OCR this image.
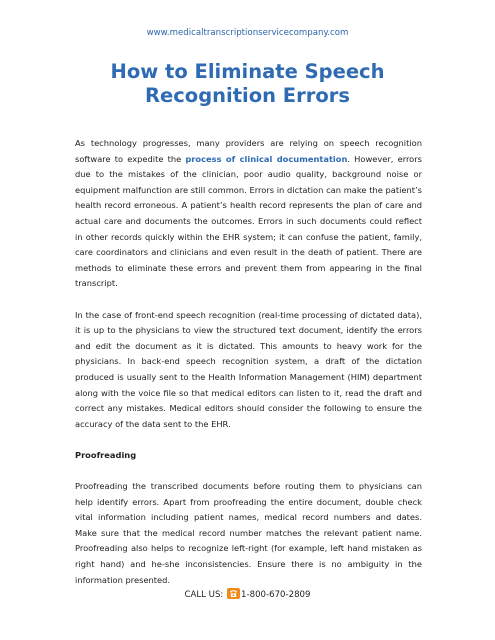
www.medicaltranscriptionservicecompany.com
How to Eliminate Speech
Recognition Errors

As technology progresses, many providers are relying on speech recognition software to expedite the process of clinical documentation. However, errors due to the mistakes of the clinician, poor audio quality, background noise or equipment malfunction are still common. Errors in dictation can make the patient’s health record erroneous. A patient’s health record represents the plan of care and actual care and documents the outcomes. Errors in such documents could reflect in other records quickly within the EHR system; it can confuse the patient, family, care coordinators and clinicians and even result in the death of patient. There are methods to eliminate these errors and prevent them from appearing in the final transcript.

In the case of front-end speech recognition (real-time processing of dictated data), it is up to the physicians to view the structured text document, identify the errors and edit the document as it is dictated. This amounts to heavy work for the physicians. In back-end speech recognition system, a draft of the dictation produced is usually sent to the Health Information Management (HIM) department along with the voice file so that medical editors can listen to it, read the draft and correct any mistakes. Medical editors should consider the following to ensure the accuracy of the data sent to the EHR.

Proofreading

Proofreading the transcribed documents before routing them to physicians can help identify errors. Apart from proofreading the entire document, double check vital information including patient names, medical record numbers and dates. Make sure that the medical record number matches the relevant patient name. Proofreading also helps to recognize left-right (for example, left hand mistaken as right hand) and he-she inconsistencies. Ensure there is no ambiguity in the information presented.

CALL US: 1-800-670-2809
